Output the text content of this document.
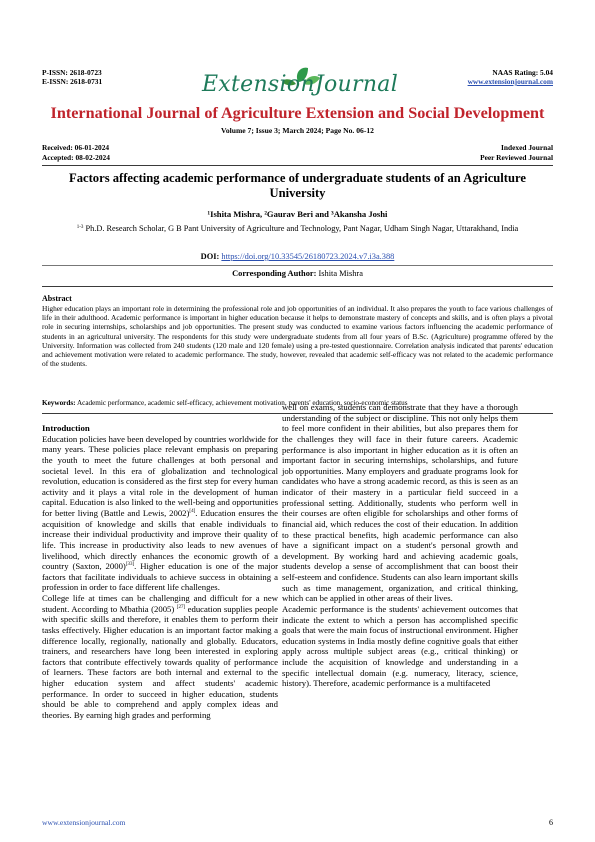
P-ISSN: 2618-0723
E-ISSN: 2618-0731
NAAS Rating: 5.04
www.extensionjournal.com
ExtensionJournal
International Journal of Agriculture Extension and Social Development
Volume 7; Issue 3; March 2024; Page No. 06-12
Received: 06-01-2024
Accepted: 08-02-2024
Indexed Journal
Peer Reviewed Journal
Factors affecting academic performance of undergraduate students of an Agriculture University
¹Ishita Mishra, ²Gaurav Beri and ³Akansha Joshi
$^{1-3}$ Ph.D. Research Scholar, G B Pant University of Agriculture and Technology, Pant Nagar, Udham Singh Nagar, Uttarakhand, India
DOI: https://doi.org/10.33545/26180723.2024.v7.i3a.388
Corresponding Author: Ishita Mishra
Abstract
Higher education plays an important role in determining the professional role and job opportunities of an individual. It also prepares the youth to face various challenges of life in their adulthood. Academic performance is important in higher education because it helps to demonstrate mastery of concepts and skills, and is often plays a pivotal role in securing internships, scholarships and job opportunities. The present study was conducted to examine various factors influencing the academic performance of students in an agricultural university. The respondents for this study were undergraduate students from all four years of B.Sc. (Agriculture) programme offered by the University. Information was collected from 240 students (120 male and 120 female) using a pre-tested questionnaire. Correlation analysis indicated that parents' education and achievement motivation were related to academic performance. The study, however, revealed that academic self-efficacy was not related to the academic performance of the students.
Keywords: Academic performance, academic self-efficacy, achievement motivation, parents' education, socio-economic status

Introduction

Education policies have been developed by countries worldwide for many years. These policies place relevant emphasis on preparing the youth to meet the future challenges at both personal and societal level. In this era of globalization and technological revolution, education is considered as the first step for every human activity and it plays a vital role in the development of human capital. Education is also linked to the well-being and opportunities for better living (Battle and Lewis, 2002)[4]. Education ensures the acquisition of knowledge and skills that enable individuals to increase their individual productivity and improve their quality of life. This increase in productivity also leads to new avenues of livelihood, which directly enhances the economic growth of a country (Saxton, 2000)[33]. Higher education is one of the major factors that facilitate individuals to achieve success in obtaining a profession in order to face different life challenges.

College life at times can be challenging and difficult for a new student. According to Mbathia (2005) [27] education supplies people with specific skills and therefore, it enables them to perform their tasks effectively. Higher education is an important factor making a difference locally, regionally, nationally and globally. Educators, trainers, and researchers have long been interested in exploring factors that contribute effectively towards quality of performance of learners. These factors are both internal and external to the higher education system and affect students' academic performance. In order to succeed in higher education, students should be able to comprehend and apply complex ideas and theories. By earning high grades and performing

well on exams, students can demonstrate that they have a thorough understanding of the subject or discipline. This not only helps them to feel more confident in their abilities, but also prepares them for the challenges they will face in their future careers. Academic performance is also important in higher education as it is often an important factor in securing internships, scholarships, and future job opportunities. Many employers and graduate programs look for candidates who have a strong academic record, as this is seen as an indicator of their mastery in a particular field succeed in a professional setting. Additionally, students who perform well in their courses are often eligible for scholarships and other forms of financial aid, which reduces the cost of their education. In addition to these practical benefits, high academic performance can also have a significant impact on a student's personal growth and development. By working hard and achieving academic goals, students develop a sense of accomplishment that can boost their self-esteem and confidence. Students can also learn important skills such as time management, organization, and critical thinking, which can be applied in other areas of their lives.

Academic performance is the students' achievement outcomes that indicate the extent to which a person has accomplished specific goals that were the main focus of instructional environment. Higher education systems in India mostly define cognitive goals that either apply across multiple subject areas (e.g., critical thinking) or include the acquisition of knowledge and understanding in a specific intellectual domain (e.g. numeracy, literacy, science, history). Therefore, academic performance is a multifaceted

www.extensionjournal.com	6
